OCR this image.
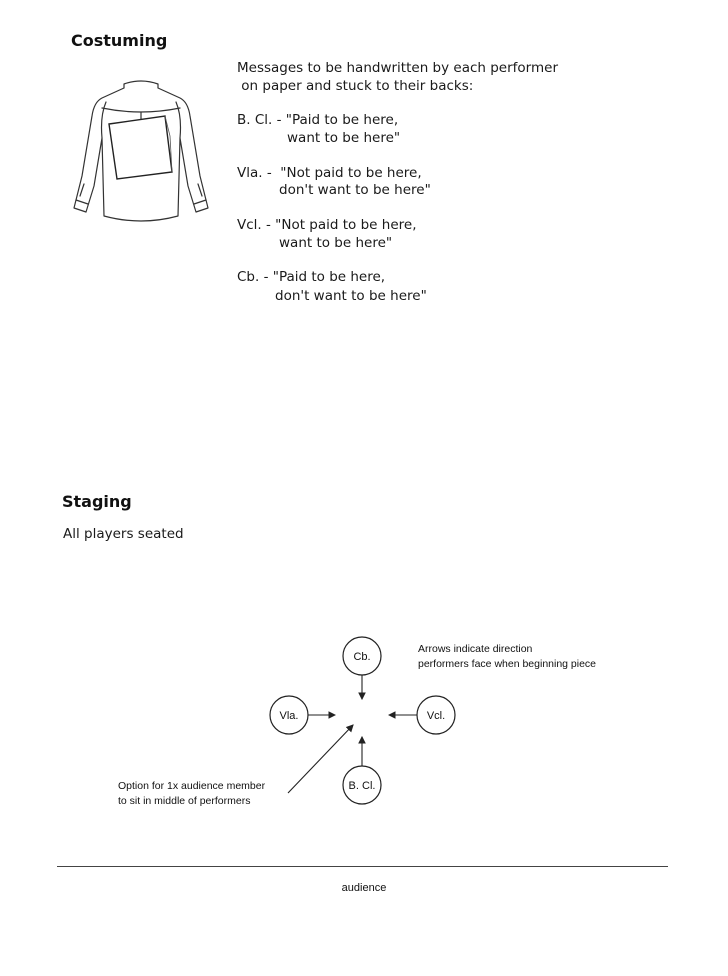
Costuming
Messages to be handwritten by each performer
on paper and stuck to their backs:
B. Cl. - "Paid to be here,
want to be here"
Vla. -  "Not paid to be here,
don't want to be here"
Vcl. - "Not paid to be here,
want to be here"
Cb. - "Paid to be here,
don't want to be here"
Staging
All players seated
Cb.
Vla.	Vcl.
B. Cl.
Arrows indicate direction
performers face when beginning piece
Option for 1x audience member
to sit in middle of performers
audience
